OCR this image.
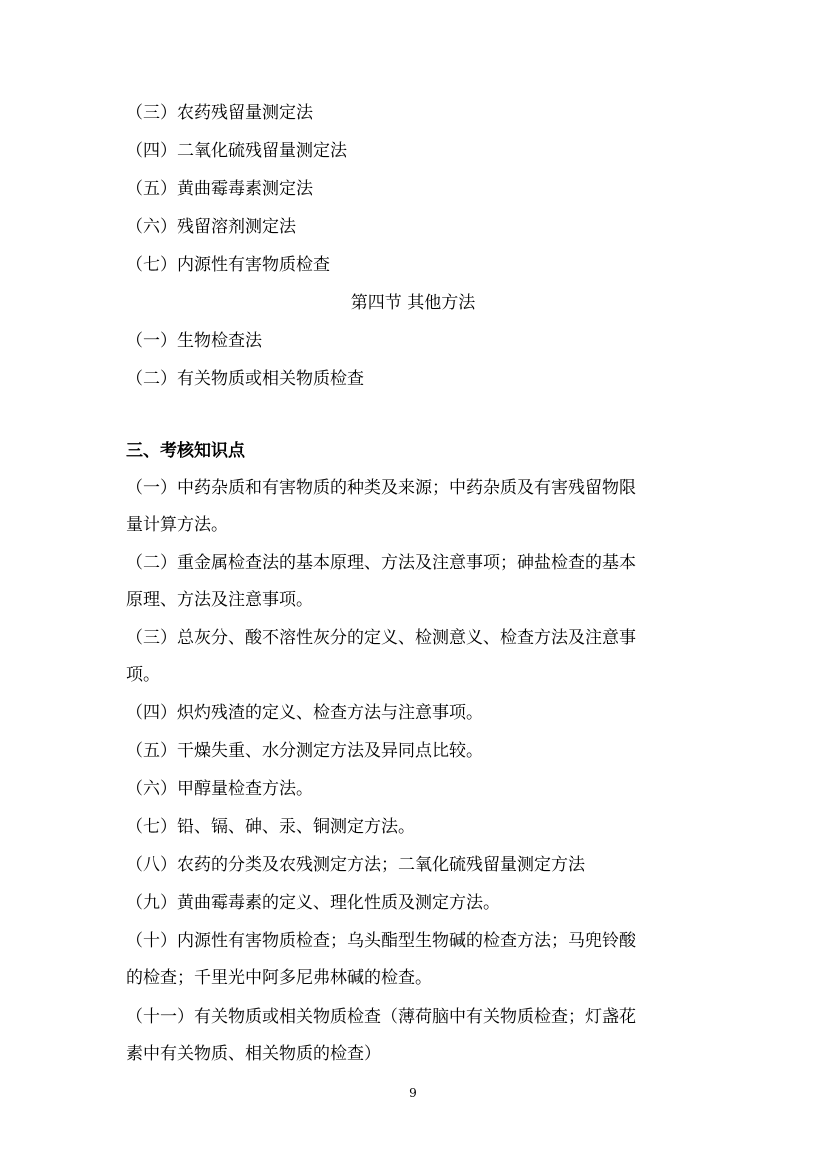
（三）农药残留量测定法
（四）二氧化硫残留量测定法
（五）黄曲霉毒素测定法
（六）残留溶剂测定法
（七）内源性有害物质检查
第四节 其他方法
（一）生物检查法
（二）有关物质或相关物质检查
三、考核知识点
（一）中药杂质和有害物质的种类及来源；中药杂质及有害残留物限
量计算方法。
（二）重金属检查法的基本原理、方法及注意事项；砷盐检查的基本
原理、方法及注意事项。
（三）总灰分、酸不溶性灰分的定义、检测意义、检查方法及注意事
项。
（四）炽灼残渣的定义、检查方法与注意事项。
（五）干燥失重、水分测定方法及异同点比较。
（六）甲醇量检查方法。
（七）铅、镉、砷、汞、铜测定方法。
（八）农药的分类及农残测定方法；二氧化硫残留量测定方法
（九）黄曲霉毒素的定义、理化性质及测定方法。
（十）内源性有害物质检查；乌头酯型生物碱的检查方法；马兜铃酸
的检查；千里光中阿多尼弗林碱的检查。
（十一）有关物质或相关物质检查（薄荷脑中有关物质检查；灯盏花
素中有关物质、相关物质的检查）
9
